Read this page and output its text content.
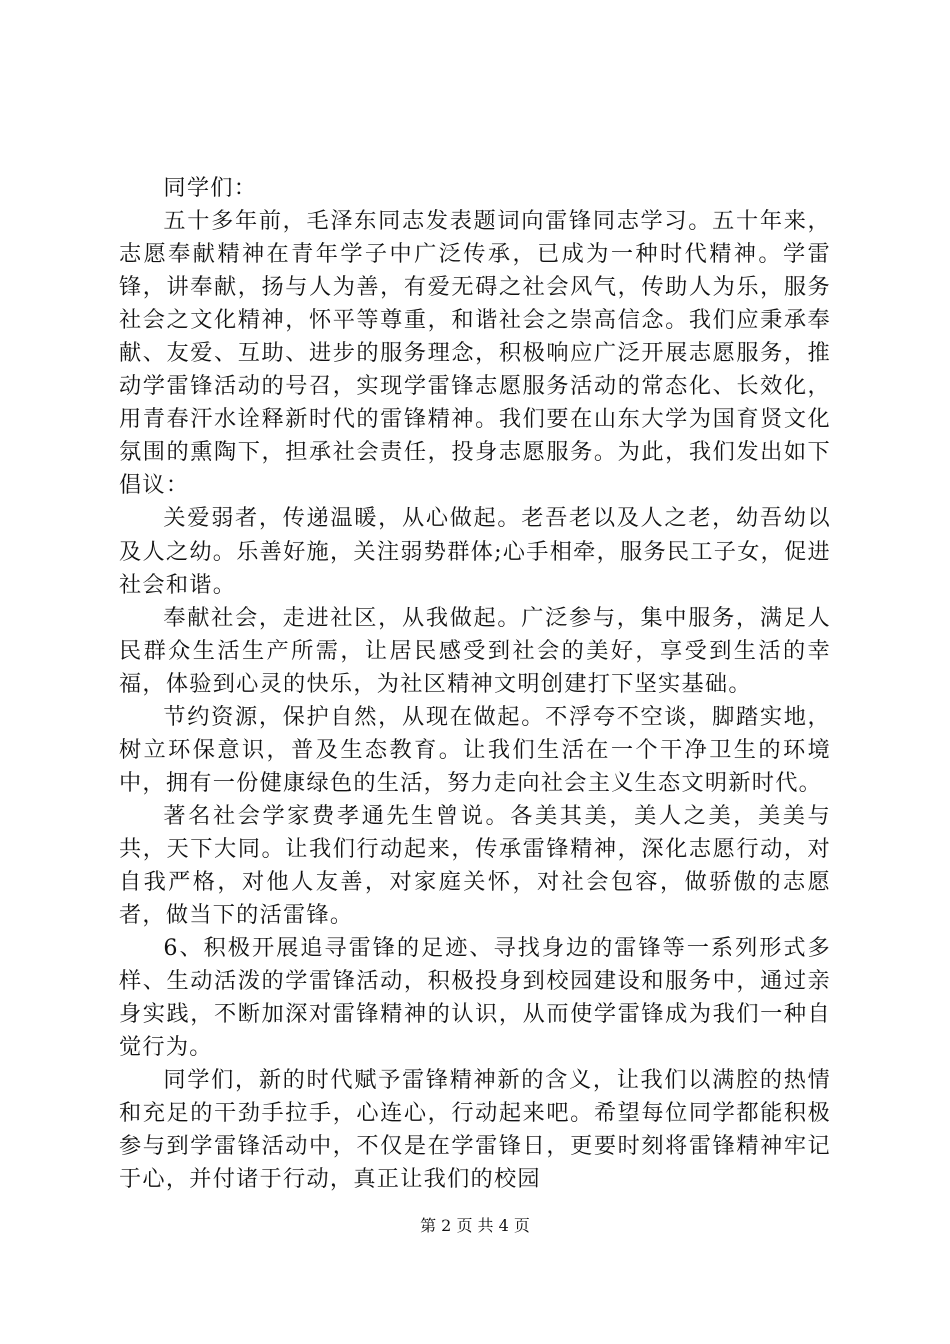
同学们：

五十多年前，毛泽东同志发表题词向雷锋同志学习。五十年来，志愿奉献精神在青年学子中广泛传承，已成为一种时代精神。学雷锋，讲奉献，扬与人为善，有爱无碍之社会风气，传助人为乐，服务社会之文化精神，怀平等尊重，和谐社会之崇高信念。我们应秉承奉献、友爱、互助、进步的服务理念，积极响应广泛开展志愿服务，推动学雷锋活动的号召，实现学雷锋志愿服务活动的常态化、长效化，用青春汗水诠释新时代的雷锋精神。我们要在山东大学为国育贤文化氛围的熏陶下，担承社会责任，投身志愿服务。为此，我们发出如下倡议：

关爱弱者，传递温暖，从心做起。老吾老以及人之老，幼吾幼以及人之幼。乐善好施，关注弱势群体;心手相牵，服务民工子女，促进社会和谐。

奉献社会，走进社区，从我做起。广泛参与，集中服务，满足人民群众生活生产所需，让居民感受到社会的美好，享受到生活的幸福，体验到心灵的快乐，为社区精神文明创建打下坚实基础。

节约资源，保护自然，从现在做起。不浮夸不空谈，脚踏实地，树立环保意识，普及生态教育。让我们生活在一个干净卫生的环境中，拥有一份健康绿色的生活，努力走向社会主义生态文明新时代。

著名社会学家费孝通先生曾说。各美其美，美人之美，美美与共，天下大同。让我们行动起来，传承雷锋精神，深化志愿行动，对自我严格，对他人友善，对家庭关怀，对社会包容，做骄傲的志愿者，做当下的活雷锋。

6、积极开展追寻雷锋的足迹、寻找身边的雷锋等一系列形式多样、生动活泼的学雷锋活动，积极投身到校园建设和服务中，通过亲身实践，不断加深对雷锋精神的认识，从而使学雷锋成为我们一种自觉行为。

同学们，新的时代赋予雷锋精神新的含义，让我们以满腔的热情和充足的干劲手拉手，心连心，行动起来吧。希望每位同学都能积极参与到学雷锋活动中，不仅是在学雷锋日，更要时刻将雷锋精神牢记于心，并付诸于行动，真正让我们的校园

第 2 页 共 4 页
